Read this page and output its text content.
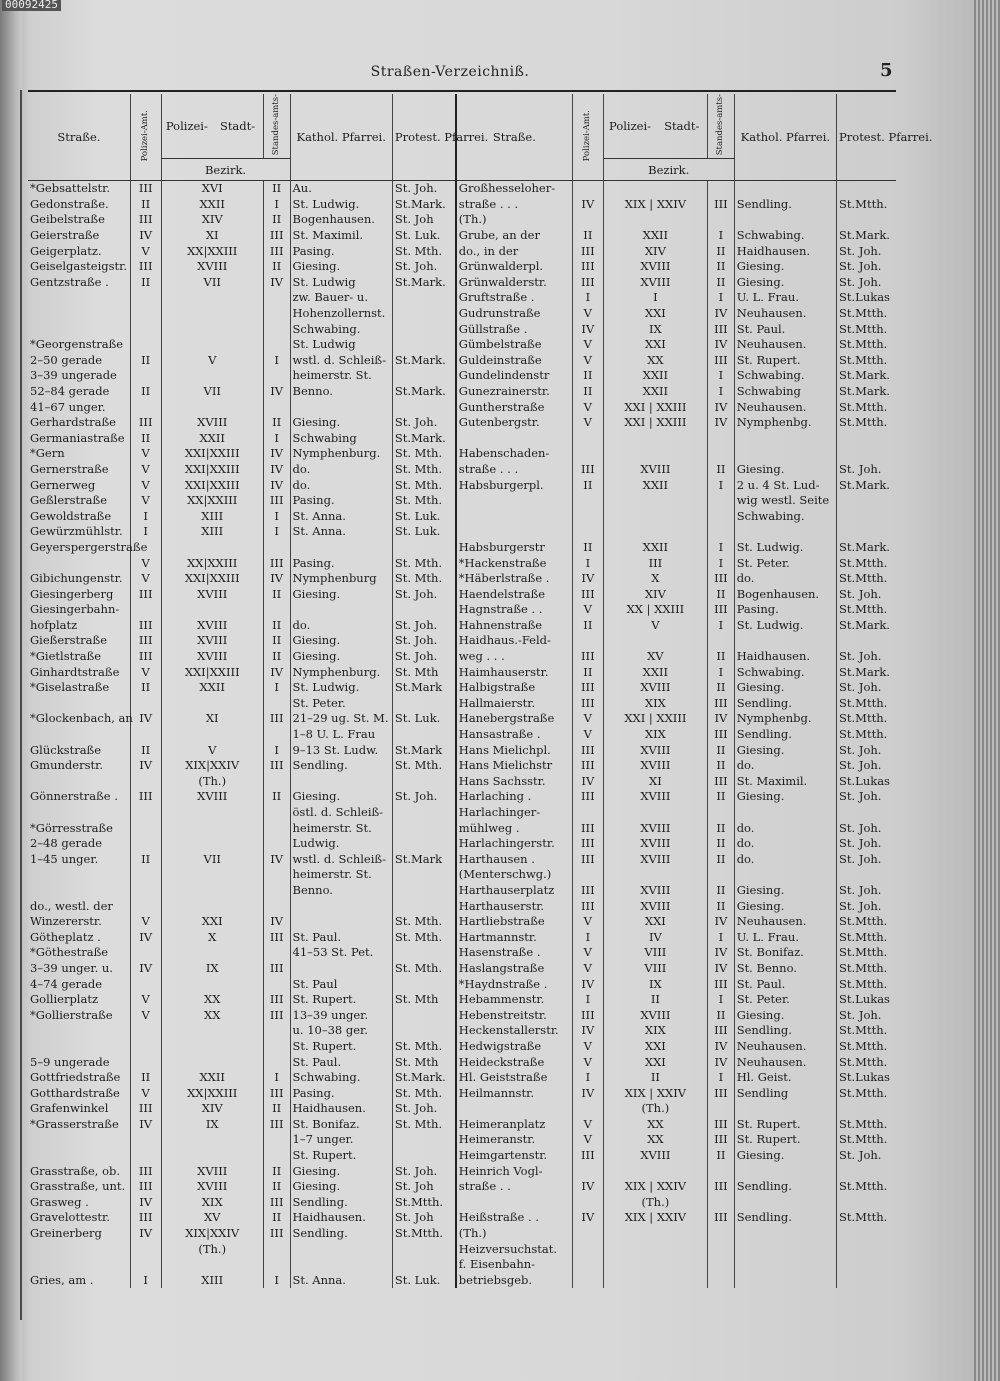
00092425
Straßen-Verzeichniß.	5
Straße.	Polizei-Amt.	Polizei-	Stadt-	Standes-amts-	Kathol. Pfarrei.	Protest. Pfarrei.	Straße.	Polizei-Amt.	Polizei-	Stadt-	Standes-amts-	Kathol. Pfarrei.	Protest. Pfarrei.
		Bezirk.							Bezirk.				
*Gebsattelstr.	III	XVI		II	Au.	St. Joh.	Großhesseloher-						
Gedonstraße.	II	XXII		I	St. Ludwig.	St.Mark.	straße . . .	IV	XIX | XXIV		III	Sendling.	St.Mtth.
Geibelstraße	III	XIV		II	Bogenhausen.	St. Joh	(Th.)						
Geierstraße	IV	XI		III	St. Maximil.	St. Luk.	Grube, an der	II	XXII		I	Schwabing.	St.Mark.
Geigerplatz.	V	XX|XXIII		III	Pasing.	St. Mth.	do., in der	III	XIV		II	Haidhausen.	St. Joh.
Geiselgasteigstr.	III	XVIII		II	Giesing.	St. Joh.	Grünwalderpl.	III	XVIII		II	Giesing.	St. Joh.
Gentzstraße .	II	VII		IV	St. Ludwig	St.Mark.	Grünwalderstr.	III	XVIII		II	Giesing.	St. Joh.
					zw. Bauer- u.		Gruftstraße .	I	I		I	U. L. Frau.	St.Lukas
					Hohenzollernst.		Gudrunstraße	V	XXI		IV	Neuhausen.	St.Mtth.
					Schwabing.		Güllstraße .	IV	IX		III	St. Paul.	St.Mtth.
*Georgenstraße					St. Ludwig		Gümbelstraße	V	XXI		IV	Neuhausen.	St.Mtth.
2–50 gerade	II	V		I	wstl. d. Schleiß-	St.Mark.	Guldeinstraße	V	XX		III	St. Rupert.	St.Mtth.
3–39 ungerade					heimerstr. St.		Gundelindenstr	II	XXII		I	Schwabing.	St.Mark.
52–84 gerade	II	VII		IV	Benno.	St.Mark.	Gunezrainerstr.	II	XXII		I	Schwabing	St.Mark.
41–67 unger.							Guntherstraße	V	XXI | XXIII		IV	Neuhausen.	St.Mtth.
Gerhardstraße	III	XVIII		II	Giesing.	St. Joh.	Gutenbergstr.	V	XXI | XXIII		IV	Nymphenbg.	St.Mtth.
Germaniastraße	II	XXII		I	Schwabing	St.Mark.							
*Gern	V	XXI|XXIII		IV	Nymphenburg.	St. Mth.	Habenschaden-						
Gernerstraße	V	XXI|XXIII		IV	do.	St. Mth.	straße . . .	III	XVIII		II	Giesing.	St. Joh.
Gernerweg	V	XXI|XXIII		IV	do.	St. Mth.	Habsburgerpl.	II	XXII		I	2 u. 4 St. Lud-	St.Mark.
Geßlerstraße	V	XX|XXIII		III	Pasing.	St. Mth.						wig westl. Seite	
Gewoldstraße	I	XIII		I	St. Anna.	St. Luk.						Schwabing.	
Gewürzmühlstr.	I	XIII		I	St. Anna.	St. Luk.							
Geyerspergerstraße							Habsburgerstr	II	XXII		I	St. Ludwig.	St.Mark.
	V	XX|XXIII		III	Pasing.	St. Mth.	*Hackenstraße	I	III		I	St. Peter.	St.Mtth.
Gibichungenstr.	V	XXI|XXIII		IV	Nymphenburg	St. Mth.	*Häberlstraße .	IV	X		III	do.	St.Mtth.
Giesingerberg	III	XVIII		II	Giesing.	St. Joh.	Haendelstraße	III	XIV		II	Bogenhausen.	St. Joh.
Giesingerbahn-							Hagnstraße . .	V	XX | XXIII		III	Pasing.	St.Mtth.
hofplatz	III	XVIII		II	do.	St. Joh.	Hahnenstraße	II	V		I	St. Ludwig.	St.Mark.
Gießerstraße	III	XVIII		II	Giesing.	St. Joh.	Haidhaus.-Feld-						
*Gietlstraße	III	XVIII		II	Giesing.	St. Joh.	weg . . .	III	XV		II	Haidhausen.	St. Joh.
Ginhardtstraße	V	XXI|XXIII		IV	Nymphenburg.	St. Mth	Haimhauserstr.	II	XXII		I	Schwabing.	St.Mark.
*Giselastraße	II	XXII		I	St. Ludwig.	St.Mark	Halbigstraße	III	XVIII		II	Giesing.	St. Joh.
					St. Peter.		Hallmaierstr.	III	XIX		III	Sendling.	St.Mtth.
*Glockenbach, an	IV	XI		III	21–29 ug. St. M.	St. Luk.	Hanebergstraße	V	XXI | XXIII		IV	Nymphenbg.	St.Mtth.
					1–8 U. L. Frau		Hansastraße .	V	XIX		III	Sendling.	St.Mtth.
Glückstraße	II	V		I	9–13 St. Ludw.	St.Mark	Hans Mielichpl.	III	XVIII		II	Giesing.	St. Joh.
Gmunderstr.	IV	XIX|XXIV		III	Sendling.	St. Mth.	Hans Mielichstr	III	XVIII		II	do.	St. Joh.
		(Th.)					Hans Sachsstr.	IV	XI		III	St. Maximil.	St.Lukas
Gönnerstraße .	III	XVIII		II	Giesing.	St. Joh.	Harlaching .	III	XVIII		II	Giesing.	St. Joh.
					östl. d. Schleiß-		Harlachinger-						
*Görresstraße					heimerstr. St.		mühlweg .	III	XVIII		II	do.	St. Joh.
2–48 gerade					Ludwig.		Harlachingerstr.	III	XVIII		II	do.	St. Joh.
1–45 unger.	II	VII		IV	wstl. d. Schleiß-	St.Mark	Harthausen .	III	XVIII		II	do.	St. Joh.
					heimerstr. St.		(Menterschwg.)						
					Benno.		Harthauserplatz	III	XVIII		II	Giesing.	St. Joh.
do., westl. der							Harthauserstr.	III	XVIII		II	Giesing.	St. Joh.
Winzererstr.	V	XXI		IV		St. Mth.	Hartliebstraße	V	XXI		IV	Neuhausen.	St.Mtth.
Götheplatz .	IV	X		III	St. Paul.	St. Mth.	Hartmannstr.	I	IV		I	U. L. Frau.	St.Mtth.
*Göthestraße					41–53 St. Pet.		Hasenstraße .	V	VIII		IV	St. Bonifaz.	St.Mtth.
3–39 unger. u.	IV	IX		III		St. Mth.	Haslangstraße	V	VIII		IV	St. Benno.	St.Mtth.
4–74 gerade					St. Paul		*Haydnstraße .	IV	IX		III	St. Paul.	St.Mtth.
Gollierplatz	V	XX		III	St. Rupert.	St. Mth	Hebammenstr.	I	II		I	St. Peter.	St.Lukas
*Gollierstraße	V	XX		III	13–39 unger.		Hebenstreitstr.	III	XVIII		II	Giesing.	St. Joh.
					u. 10–38 ger.		Heckenstallerstr.	IV	XIX		III	Sendling.	St.Mtth.
					St. Rupert.	St. Mth.	Hedwigstraße	V	XXI		IV	Neuhausen.	St.Mtth.
5–9 ungerade					St. Paul.	St. Mth	Heideckstraße	V	XXI		IV	Neuhausen.	St.Mtth.
Gottfriedstraße	II	XXII		I	Schwabing.	St.Mark.	Hl. Geiststraße	I	II		I	Hl. Geist.	St.Lukas
Gotthardstraße	V	XX|XXIII		III	Pasing.	St. Mth.	Heilmannstr.	IV	XIX | XXIV		III	Sendling	St.Mtth.
Grafenwinkel	III	XIV		II	Haidhausen.	St. Joh.			(Th.)				
*Grasserstraße	IV	IX		III	St. Bonifaz.	St. Mth.	Heimeranplatz	V	XX		III	St. Rupert.	St.Mtth.
					1–7 unger.		Heimeranstr.	V	XX		III	St. Rupert.	St.Mtth.
					St. Rupert.		Heimgartenstr.	III	XVIII		II	Giesing.	St. Joh.
Grasstraße, ob.	III	XVIII		II	Giesing.	St. Joh.	Heinrich Vogl-						
Grasstraße, unt.	III	XVIII		II	Giesing.	St. Joh	straße . .	IV	XIX | XXIV		III	Sendling.	St.Mtth.
Grasweg .	IV	XIX		III	Sendling.	St.Mtth.			(Th.)				
Gravelottestr.	III	XV		II	Haidhausen.	St. Joh	Heißstraße . .	IV	XIX | XXIV		III	Sendling.	St.Mtth.
Greinerberg	IV	XIX|XXIV		III	Sendling.	St.Mtth.	(Th.)						
		(Th.)					Heizversuchstat.						
							f. Eisenbahn-						
Gries, am .	I	XIII		I	St. Anna.	St. Luk.	betriebsgeb.						
